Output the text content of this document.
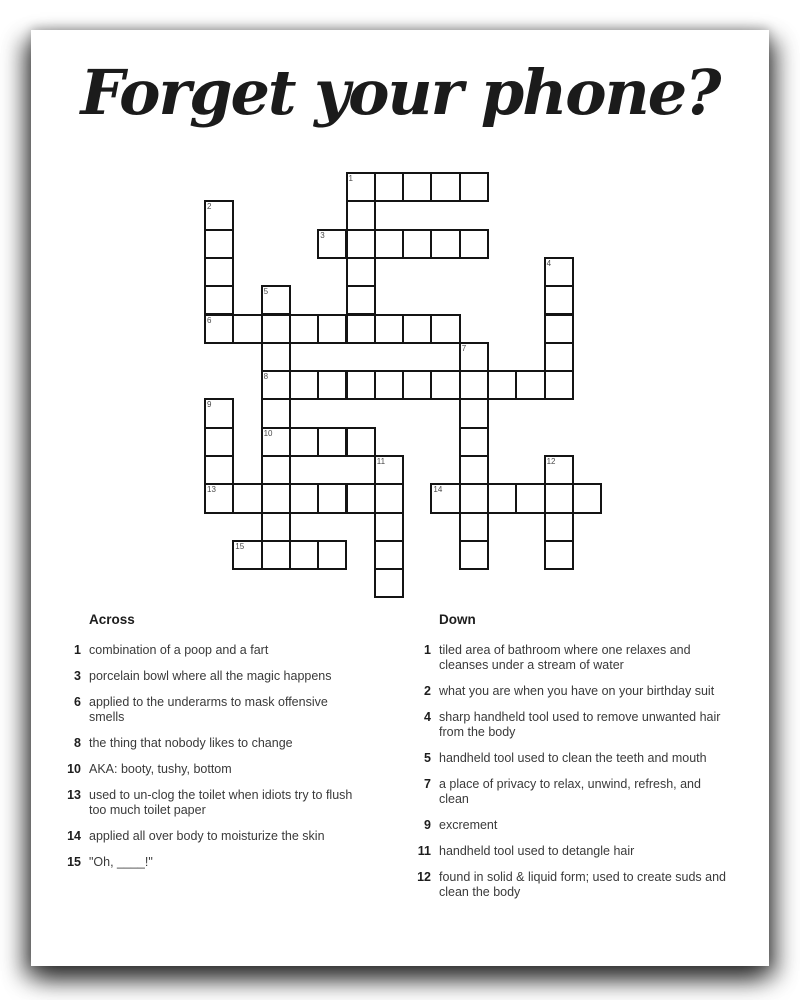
Forget your phone?
1
2
6
3
4
5
8
10
7
9
13
11	12
14
15
Across
1 combination of a poop and a fart
3 porcelain bowl where all the magic happens
6 applied to the underarms to mask offensive smells
8 the thing that nobody likes to change
10 AKA: booty, tushy, bottom
13 used to un-clog the toilet when idiots try to flush too much toilet paper
14 applied all over body to moisturize the skin
15 "Oh, ____!"
Down
1 tiled area of bathroom where one relaxes and cleanses under a stream of water
2 what you are when you have on your birthday suit
4 sharp handheld tool used to remove unwanted hair from the body
5 handheld tool used to clean the teeth and mouth
7 a place of privacy to relax, unwind, refresh, and clean
9 excrement
11 handheld tool used to detangle hair
12 found in solid & liquid form; used to create suds and clean the body
